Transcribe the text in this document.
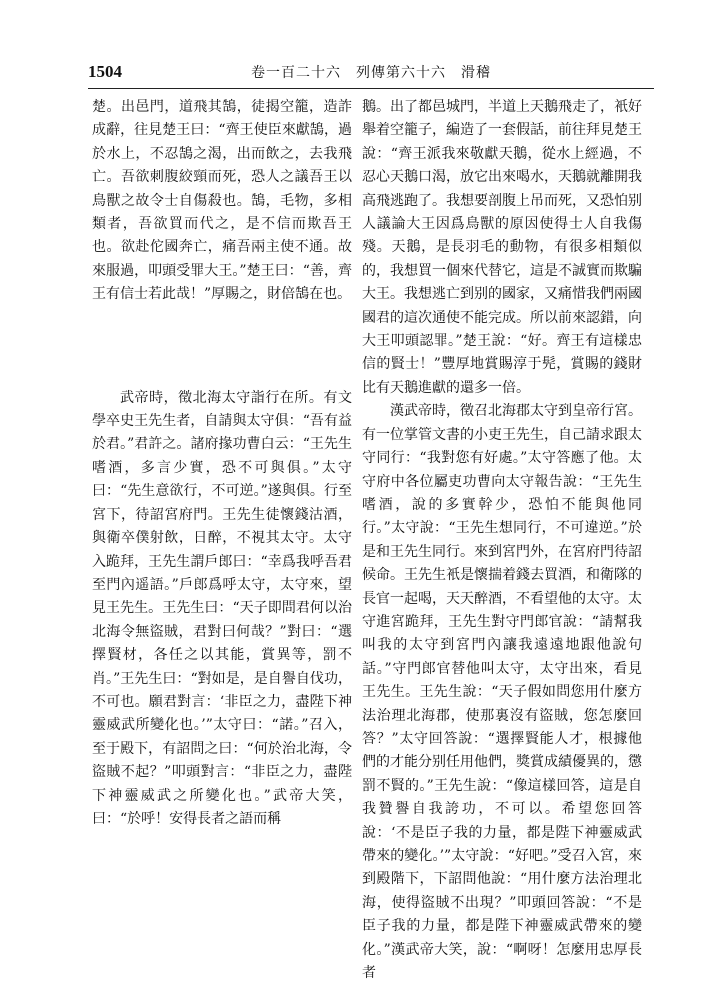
1504	卷一百二十六　列傳第六十六　滑稽

楚。出邑門，道飛其鵠，徒揭空籠，造詐成辭，往見楚王曰：“齊王使臣來獻鵠，過於水上，不忍鵠之渴，出而飲之，去我飛亡。吾欲刺腹絞頸而死，恐人之議吾王以鳥獸之故令士自傷殺也。鵠，毛物，多相類者，吾欲買而代之，是不信而欺吾王也。欲赴佗國奔亡，痛吾兩主使不通。故來服過，叩頭受罪大王。”楚王曰：“善，齊王有信士若此哉！”厚賜之，財倍鵠在也。

武帝時，徵北海太守詣行在所。有文學卒史王先生者，自請與太守俱：“吾有益於君。”君許之。諸府掾功曹白云：“王先生嗜酒，多言少實，恐不可與俱。”太守曰：“先生意欲行，不可逆。”遂與俱。行至宮下，待詔宮府門。王先生徒懷錢沽酒，與衛卒僕射飲，日醉，不視其太守。太守入跪拜，王先生謂戶郎曰：“幸爲我呼吾君至門內遥語。”戶郎爲呼太守，太守來，望見王先生。王先生曰：“天子即問君何以治北海令無盜賊，君對曰何哉？”對曰：“選擇賢材，各任之以其能，賞異等，罰不肖。”王先生曰：“對如是，是自譽自伐功，不可也。願君對言：‘非臣之力，盡陛下神靈威武所變化也。’”太守曰：“諾。”召入，至于殿下，有詔問之曰：“何於治北海，令盜賊不起？”叩頭對言：“非臣之力，盡陛下神靈威武之所變化也。”武帝大笑，曰：“於呼！安得長者之語而稱

鵝。出了都邑城門，半道上天鵝飛走了，衹好舉着空籠子，編造了一套假話，前往拜見楚王說：“齊王派我來敬獻天鵝，從水上經過，不忍心天鵝口渴，放它出來喝水，天鵝就離開我高飛逃跑了。我想要剖腹上吊而死，又恐怕别人議論大王因爲鳥獸的原因使得士人自我傷殘。天鵝，是長羽毛的動物，有很多相類似的，我想買一個來代替它，這是不誠實而欺騙大王。我想逃亡到别的國家，又痛惜我們兩國國君的這次通使不能完成。所以前來認錯，向大王叩頭認罪。”楚王說：“好。齊王有這樣忠信的賢士！”豐厚地賞賜淳于髡，賞賜的錢財比有天鵝進獻的還多一倍。

漢武帝時，徵召北海郡太守到皇帝行宮。有一位掌管文書的小吏王先生，自己請求跟太守同行：“我對您有好處。”太守答應了他。太守府中各位屬吏功曹向太守報告說：“王先生嗜酒，說的多實幹少，恐怕不能與他同行。”太守說：“王先生想同行，不可違逆。”於是和王先生同行。來到宮門外，在宮府門待詔候命。王先生衹是懷揣着錢去買酒，和衛隊的長官一起喝，天天醉酒，不看望他的太守。太守進宮跪拜，王先生對守門郎官說：“請幫我叫我的太守到宮門內讓我遠遠地跟他說句話。”守門郎官替他叫太守，太守出來，看見王先生。王先生說：“天子假如問您用什麼方法治理北海郡，使那裏沒有盜賊，您怎麼回答？”太守回答說：“選擇賢能人才，根據他們的才能分别任用他們，獎賞成績優異的，懲罰不賢的。”王先生說：“像這樣回答，這是自我贊譽自我誇功，不可以。希望您回答說：‘不是臣子我的力量，都是陛下神靈威武帶來的變化。’”太守說：“好吧。”受召入宮，來到殿階下，下詔問他說：“用什麼方法治理北海，使得盜賊不出現？”叩頭回答說：“不是臣子我的力量，都是陛下神靈威武帶來的變化。”漢武帝大笑，說：“啊呀！怎麼用忠厚長者
